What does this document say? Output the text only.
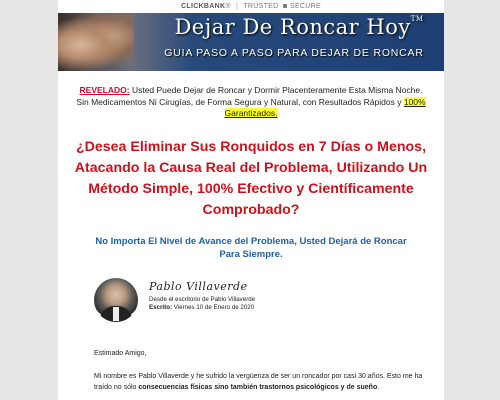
CLICKBANK® | TRUSTED SECURE
Dejar De Roncar Hoy™
GUIA PASO A PASO PARA DEJAR DE RONCAR
REVELADO: Usted Puede Dejar de Roncar y Dormir Placenteramente Esta Misma Noche. Sin Medicamentos Ni Cirugías, de Forma Segura y Natural, con Resultados Rápidos y 100% Garantizados.
¿Desea Eliminar Sus Ronquidos en 7 Días o Menos, Atacando la Causa Real del Problema, Utilizando Un Método Simple, 100% Efectivo y Científicamente Comprobado?
No Importa El Nivel de Avance del Problema, Usted Dejará de Roncar Para Siempre.
Pablo Villaverde
Desde el escritorio de Pablo Villaverde
Escrito: Viernes 10 de Enero de 2020

Estimado Amigo,

Mi nombre es Pablo Villaverde y he sufrido la vergüenza de ser un roncador por casi 30 años. Esto me ha traído no sólo consecuencias físicas sino también trastornos psicológicos y de sueño.
